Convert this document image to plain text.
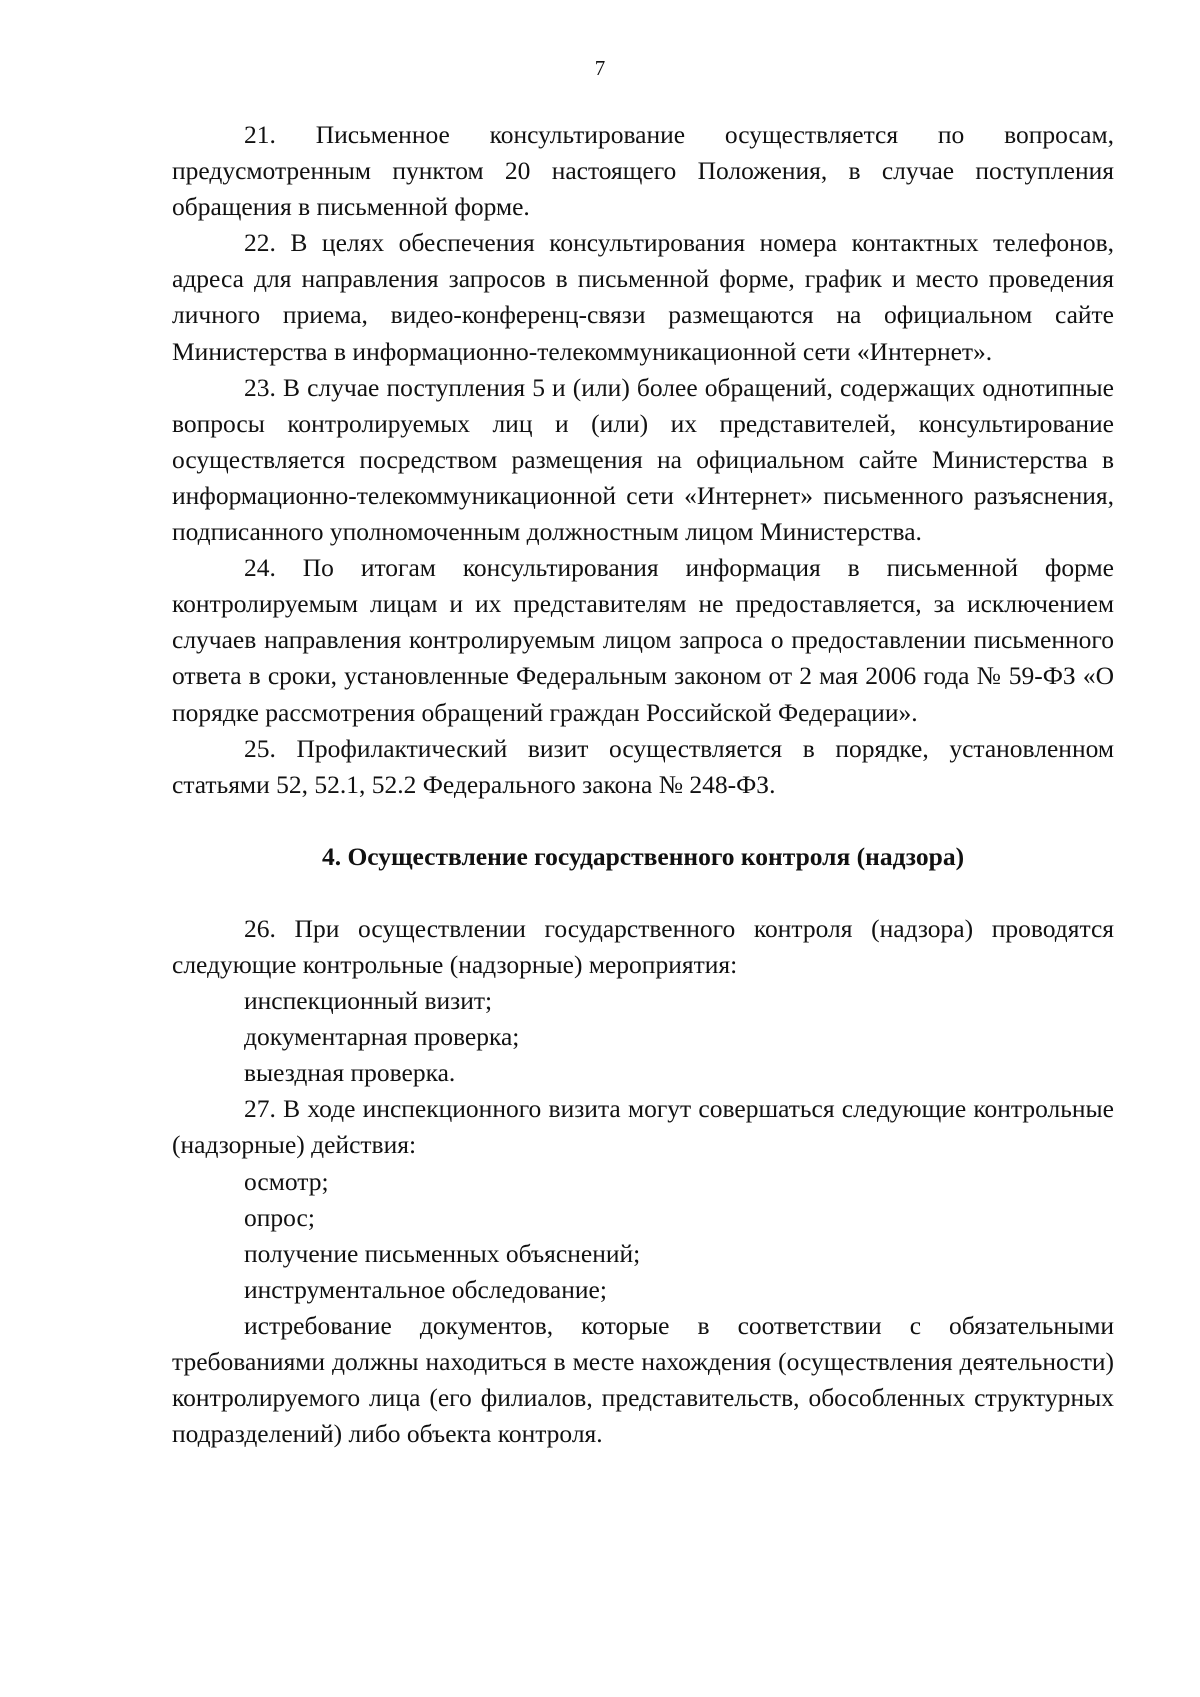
7

21. Письменное консультирование осуществляется по вопросам, предусмотренным пунктом 20 настоящего Положения, в случае поступления обращения в письменной форме.

22. В целях обеспечения консультирования номера контактных телефонов, адреса для направления запросов в письменной форме, график и место проведения личного приема, видео-конференц-связи размещаются на официальном сайте Министерства в информационно-телекоммуникационной сети «Интернет».

23. В случае поступления 5 и (или) более обращений, содержащих однотипные вопросы контролируемых лиц и (или) их представителей, консультирование осуществляется посредством размещения на официальном сайте Министерства в информационно-телекоммуникационной сети «Интернет» письменного разъяснения, подписанного уполномоченным должностным лицом Министерства.

24. По итогам консультирования информация в письменной форме контролируемым лицам и их представителям не предоставляется, за исключением случаев направления контролируемым лицом запроса о предоставлении письменного ответа в сроки, установленные Федеральным законом от 2 мая 2006 года № 59-ФЗ «О порядке рассмотрения обращений граждан Российской Федерации».

25. Профилактический визит осуществляется в порядке, установленном статьями 52, 52.1, 52.2 Федерального закона № 248-ФЗ.

4. Осуществление государственного контроля (надзора)

26. При осуществлении государственного контроля (надзора) проводятся следующие контрольные (надзорные) мероприятия:

инспекционный визит;

документарная проверка;

выездная проверка.

27. В ходе инспекционного визита могут совершаться следующие контрольные (надзорные) действия:

осмотр;

опрос;

получение письменных объяснений;

инструментальное обследование;

истребование документов, которые в соответствии с обязательными требованиями должны находиться в месте нахождения (осуществления деятельности) контролируемого лица (его филиалов, представительств, обособленных структурных подразделений) либо объекта контроля.
